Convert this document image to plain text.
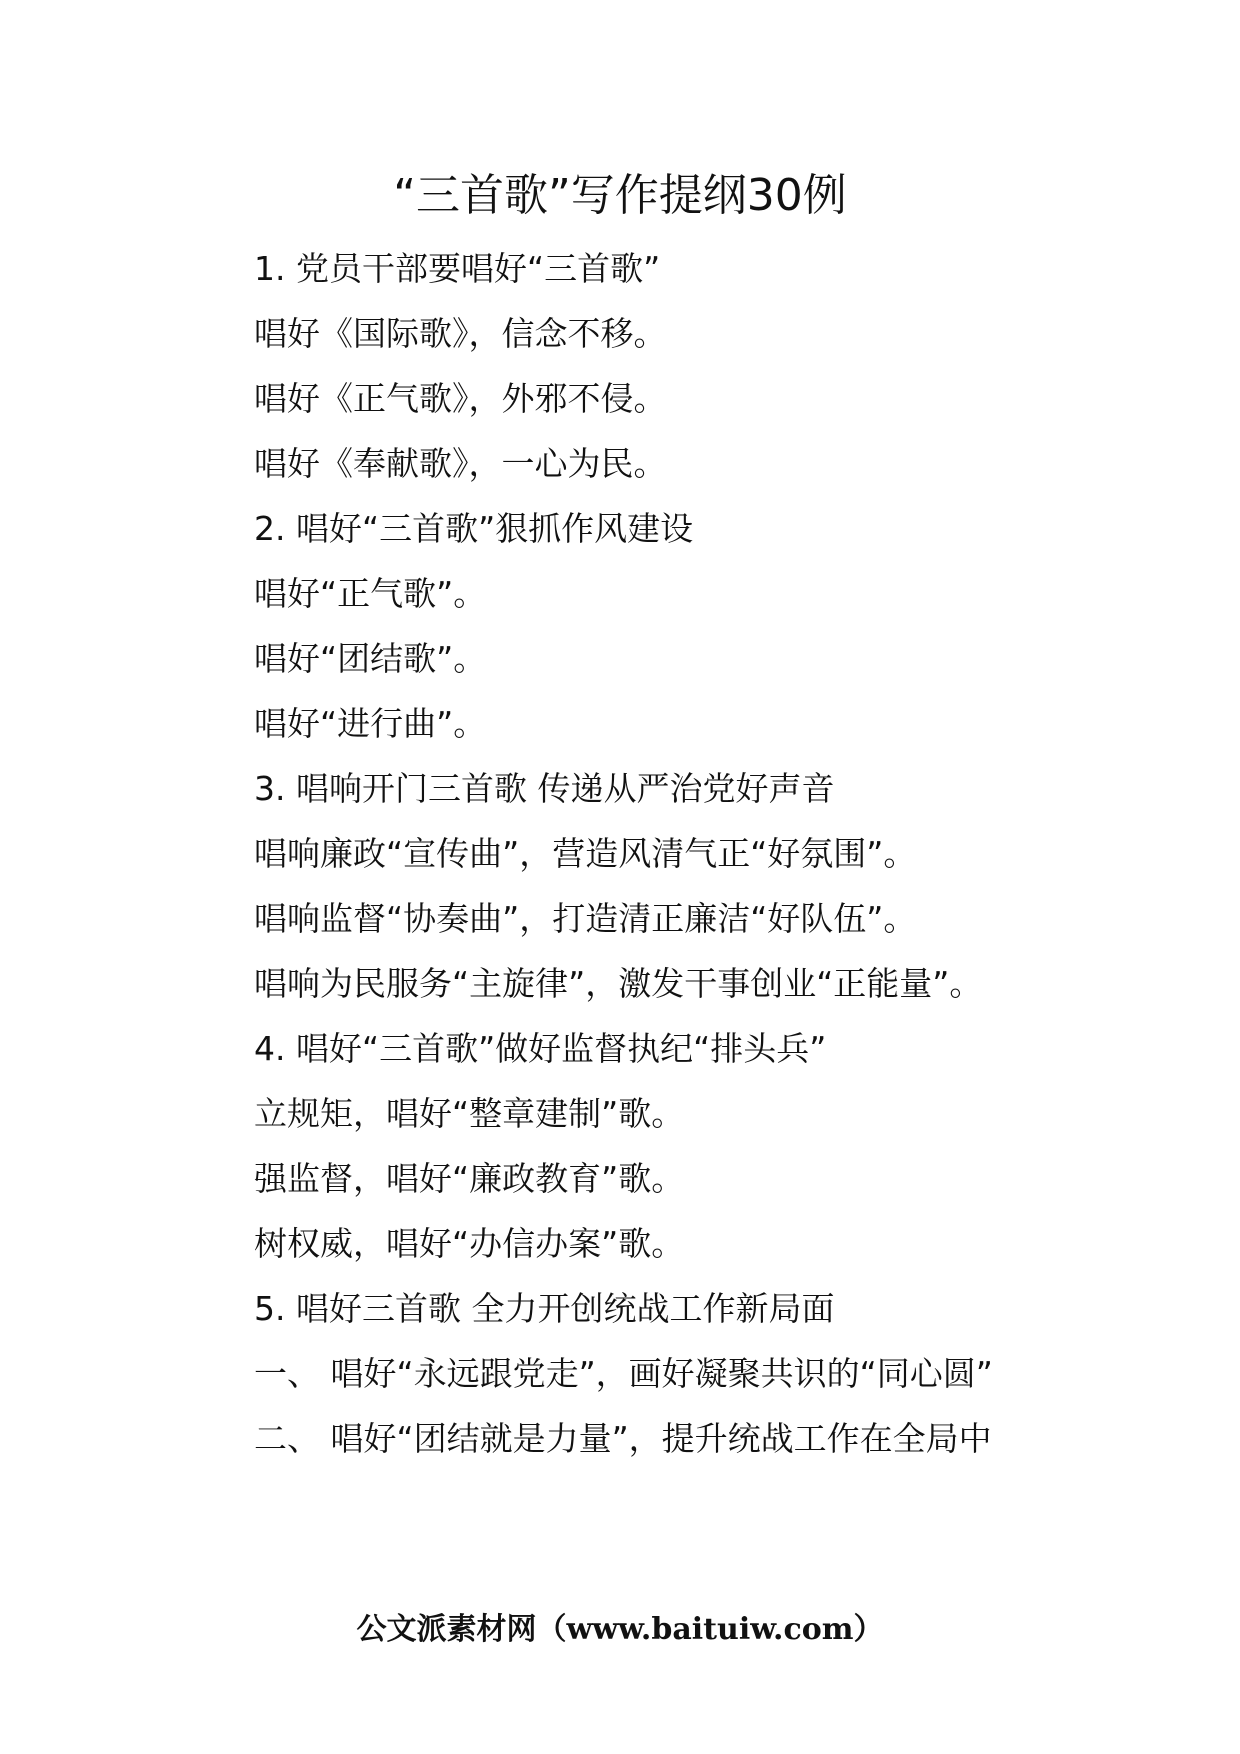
“三首歌”写作提纲30例

1. 党员干部要唱好“三首歌”

唱好《国际歌》，信念不移。

唱好《正气歌》，外邪不侵。

唱好《奉献歌》，一心为民。

2. 唱好“三首歌”狠抓作风建设

唱好“正气歌”。

唱好“团结歌”。

唱好“进行曲”。

3. 唱响开门三首歌 传递从严治党好声音

唱响廉政“宣传曲”，营造风清气正“好氛围”。

唱响监督“协奏曲”，打造清正廉洁“好队伍”。

唱响为民服务“主旋律”，激发干事创业“正能量”。

4. 唱好“三首歌”做好监督执纪“排头兵”

立规矩，唱好“整章建制”歌。

强监督，唱好“廉政教育”歌。

树权威，唱好“办信办案”歌。

5. 唱好三首歌 全力开创统战工作新局面

一、 唱好“永远跟党走”，画好凝聚共识的“同心圆”

二、 唱好“团结就是力量”，提升统战工作在全局中

公文派素材网（www.baituiw.com）
